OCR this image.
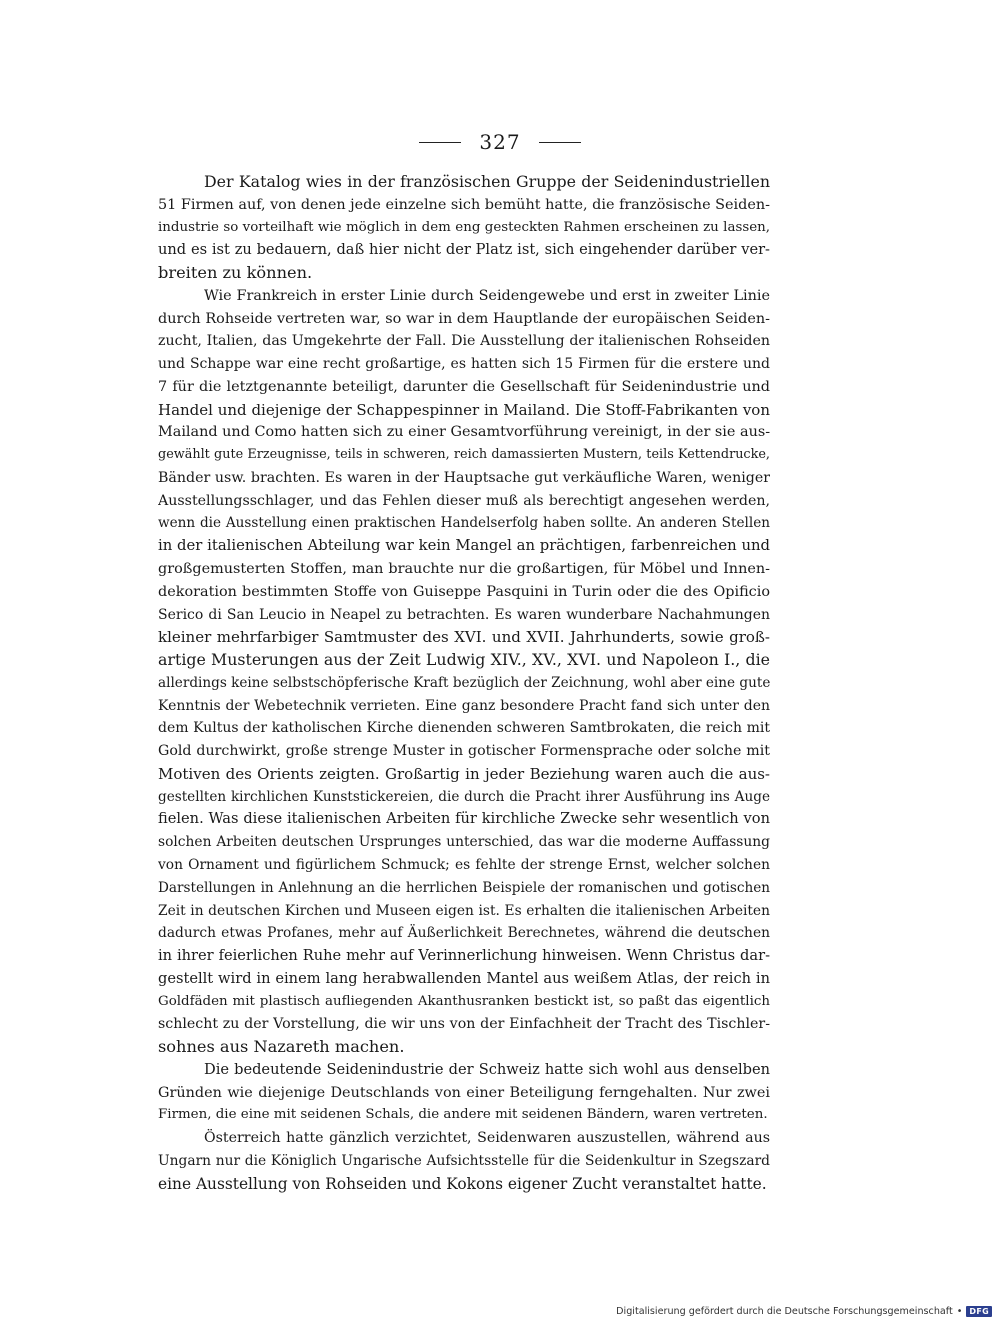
327
Der Katalog wies in der französischen Gruppe der Seidenindustriellen
51 Firmen auf, von denen jede einzelne sich bemüht hatte, die französische Seiden-
industrie so vorteilhaft wie möglich in dem eng gesteckten Rahmen erscheinen zu lassen,
und es ist zu bedauern, daß hier nicht der Platz ist, sich eingehender darüber ver-
breiten zu können.
Wie Frankreich in erster Linie durch Seidengewebe und erst in zweiter Linie
durch Rohseide vertreten war, so war in dem Hauptlande der europäischen Seiden-
zucht, Italien, das Umgekehrte der Fall. Die Ausstellung der italienischen Rohseiden
und Schappe war eine recht großartige, es hatten sich 15 Firmen für die erstere und
7 für die letztgenannte beteiligt, darunter die Gesellschaft für Seidenindustrie und
Handel und diejenige der Schappespinner in Mailand. Die Stoff-Fabrikanten von
Mailand und Como hatten sich zu einer Gesamtvorführung vereinigt, in der sie aus-
gewählt gute Erzeugnisse, teils in schweren, reich damassierten Mustern, teils Kettendrucke,
Bänder usw. brachten. Es waren in der Hauptsache gut verkäufliche Waren, weniger
Ausstellungsschlager, und das Fehlen dieser muß als berechtigt angesehen werden,
wenn die Ausstellung einen praktischen Handelserfolg haben sollte. An anderen Stellen
in der italienischen Abteilung war kein Mangel an prächtigen, farbenreichen und
großgemusterten Stoffen, man brauchte nur die großartigen, für Möbel und Innen-
dekoration bestimmten Stoffe von Guiseppe Pasquini in Turin oder die des Opificio
Serico di San Leucio in Neapel zu betrachten. Es waren wunderbare Nachahmungen
kleiner mehrfarbiger Samtmuster des XVI. und XVII. Jahrhunderts, sowie groß-
artige Musterungen aus der Zeit Ludwig XIV., XV., XVI. und Napoleon I., die
allerdings keine selbstschöpferische Kraft bezüglich der Zeichnung, wohl aber eine gute
Kenntnis der Webetechnik verrieten. Eine ganz besondere Pracht fand sich unter den
dem Kultus der katholischen Kirche dienenden schweren Samtbrokaten, die reich mit
Gold durchwirkt, große strenge Muster in gotischer Formensprache oder solche mit
Motiven des Orients zeigten. Großartig in jeder Beziehung waren auch die aus-
gestellten kirchlichen Kunststickereien, die durch die Pracht ihrer Ausführung ins Auge
fielen. Was diese italienischen Arbeiten für kirchliche Zwecke sehr wesentlich von
solchen Arbeiten deutschen Ursprunges unterschied, das war die moderne Auffassung
von Ornament und figürlichem Schmuck; es fehlte der strenge Ernst, welcher solchen
Darstellungen in Anlehnung an die herrlichen Beispiele der romanischen und gotischen
Zeit in deutschen Kirchen und Museen eigen ist. Es erhalten die italienischen Arbeiten
dadurch etwas Profanes, mehr auf Äußerlichkeit Berechnetes, während die deutschen
in ihrer feierlichen Ruhe mehr auf Verinnerlichung hinweisen. Wenn Christus dar-
gestellt wird in einem lang herabwallenden Mantel aus weißem Atlas, der reich in
Goldfäden mit plastisch aufliegenden Akanthusranken bestickt ist, so paßt das eigentlich
schlecht zu der Vorstellung, die wir uns von der Einfachheit der Tracht des Tischler-
sohnes aus Nazareth machen.
Die bedeutende Seidenindustrie der Schweiz hatte sich wohl aus denselben
Gründen wie diejenige Deutschlands von einer Beteiligung ferngehalten. Nur zwei
Firmen, die eine mit seidenen Schals, die andere mit seidenen Bändern, waren vertreten.
Österreich hatte gänzlich verzichtet, Seidenwaren auszustellen, während aus
Ungarn nur die Königlich Ungarische Aufsichtsstelle für die Seidenkultur in Szegszard
eine Ausstellung von Rohseiden und Kokons eigener Zucht veranstaltet hatte.
Digitalisierung gefördert durch die Deutsche Forschungsgemeinschaft • DFG
